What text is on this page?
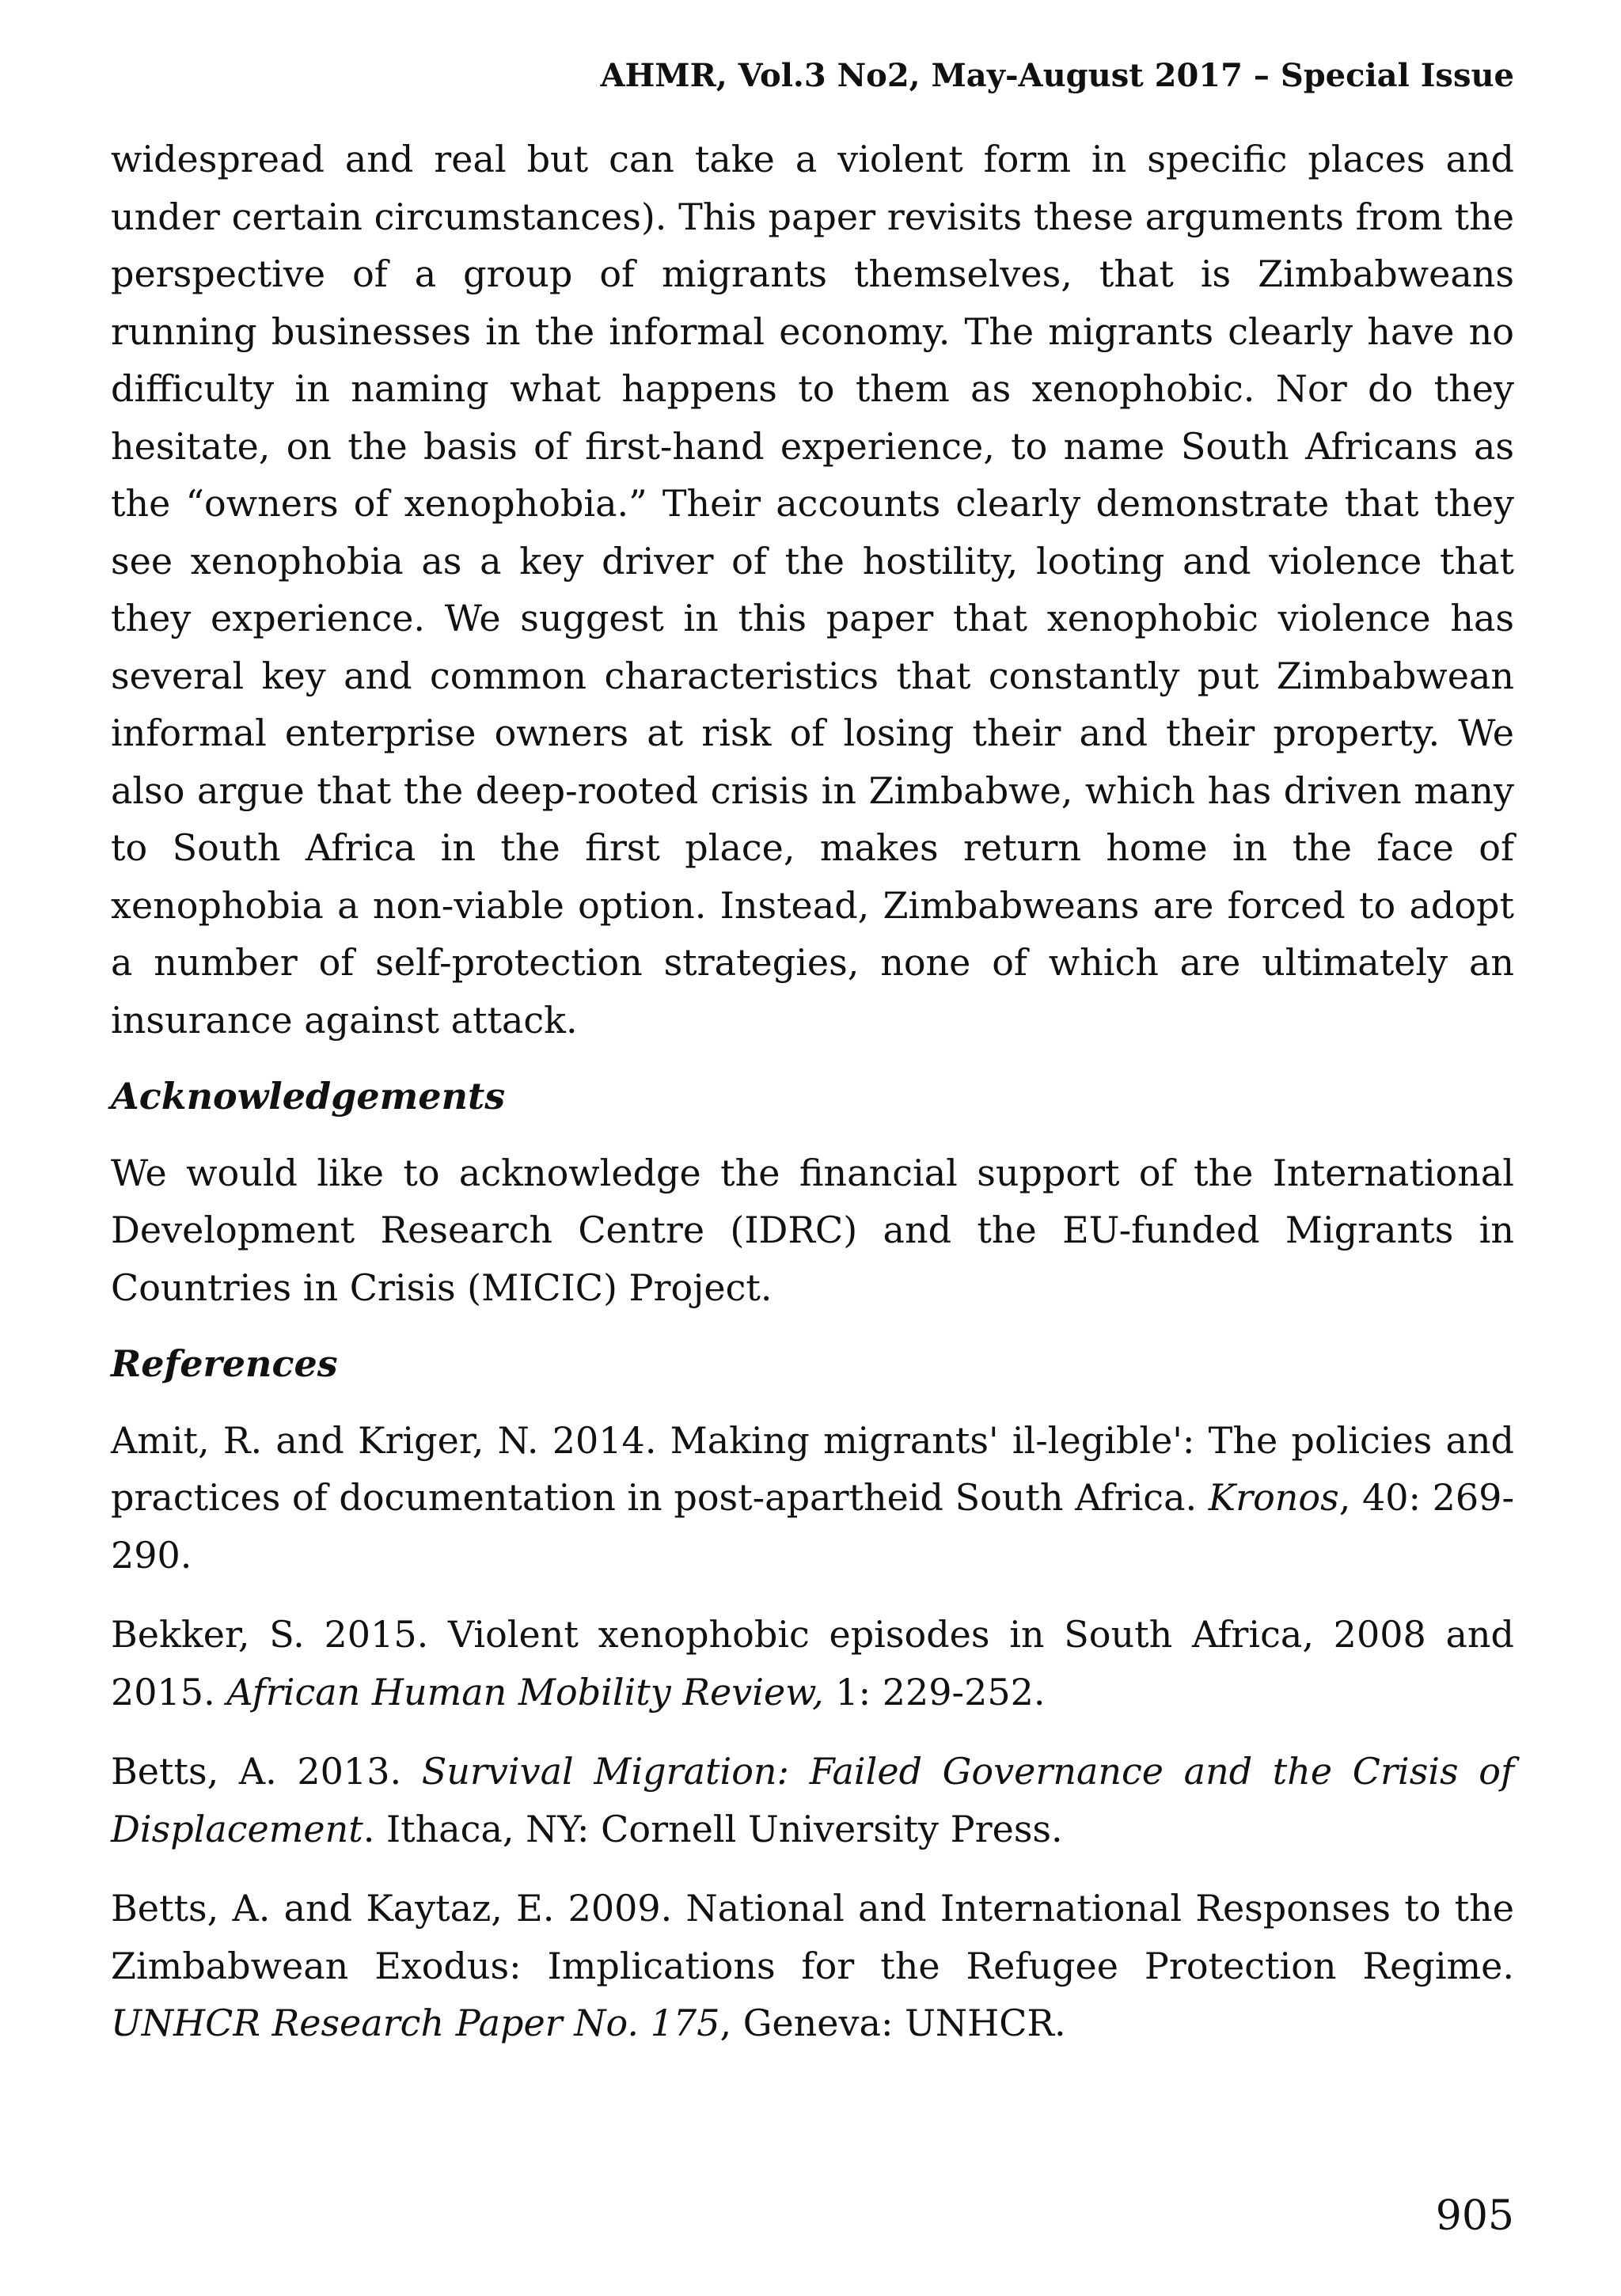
AHMR, Vol.3 No2, May-August 2017 – Special Issue

widespread and real but can take a violent form in specific places and under certain circumstances). This paper revisits these arguments from the perspective of a group of migrants themselves, that is Zimbabweans running businesses in the informal economy. The migrants clearly have no difficulty in naming what happens to them as xenophobic. Nor do they hesitate, on the basis of first-hand experience, to name South Africans as the “owners of xenophobia.” Their accounts clearly demonstrate that they see xenophobia as a key driver of the hostility, looting and violence that they experience. We suggest in this paper that xenophobic violence has several key and common characteristics that constantly put Zimbabwean informal enterprise owners at risk of losing their and their property. We also argue that the deep-rooted crisis in Zimbabwe, which has driven many to South Africa in the first place, makes return home in the face of xenophobia a non-viable option. Instead, Zimbabweans are forced to adopt a number of self-protection strategies, none of which are ultimately an insurance against attack.

Acknowledgements

We would like to acknowledge the financial support of the International Development Research Centre (IDRC) and the EU-funded Migrants in Countries in Crisis (MICIC) Project.

References

Amit, R. and Kriger, N. 2014. Making migrants' il-legible': The policies and practices of documentation in post-apartheid South Africa. Kronos, 40: 269-290.

Bekker, S. 2015. Violent xenophobic episodes in South Africa, 2008 and 2015. African Human Mobility Review, 1: 229-252.

Betts, A. 2013. Survival Migration: Failed Governance and the Crisis of Displacement. Ithaca, NY: Cornell University Press.

Betts, A. and Kaytaz, E. 2009. National and International Responses to the Zimbabwean Exodus: Implications for the Refugee Protection Regime. UNHCR Research Paper No. 175, Geneva: UNHCR.

905
